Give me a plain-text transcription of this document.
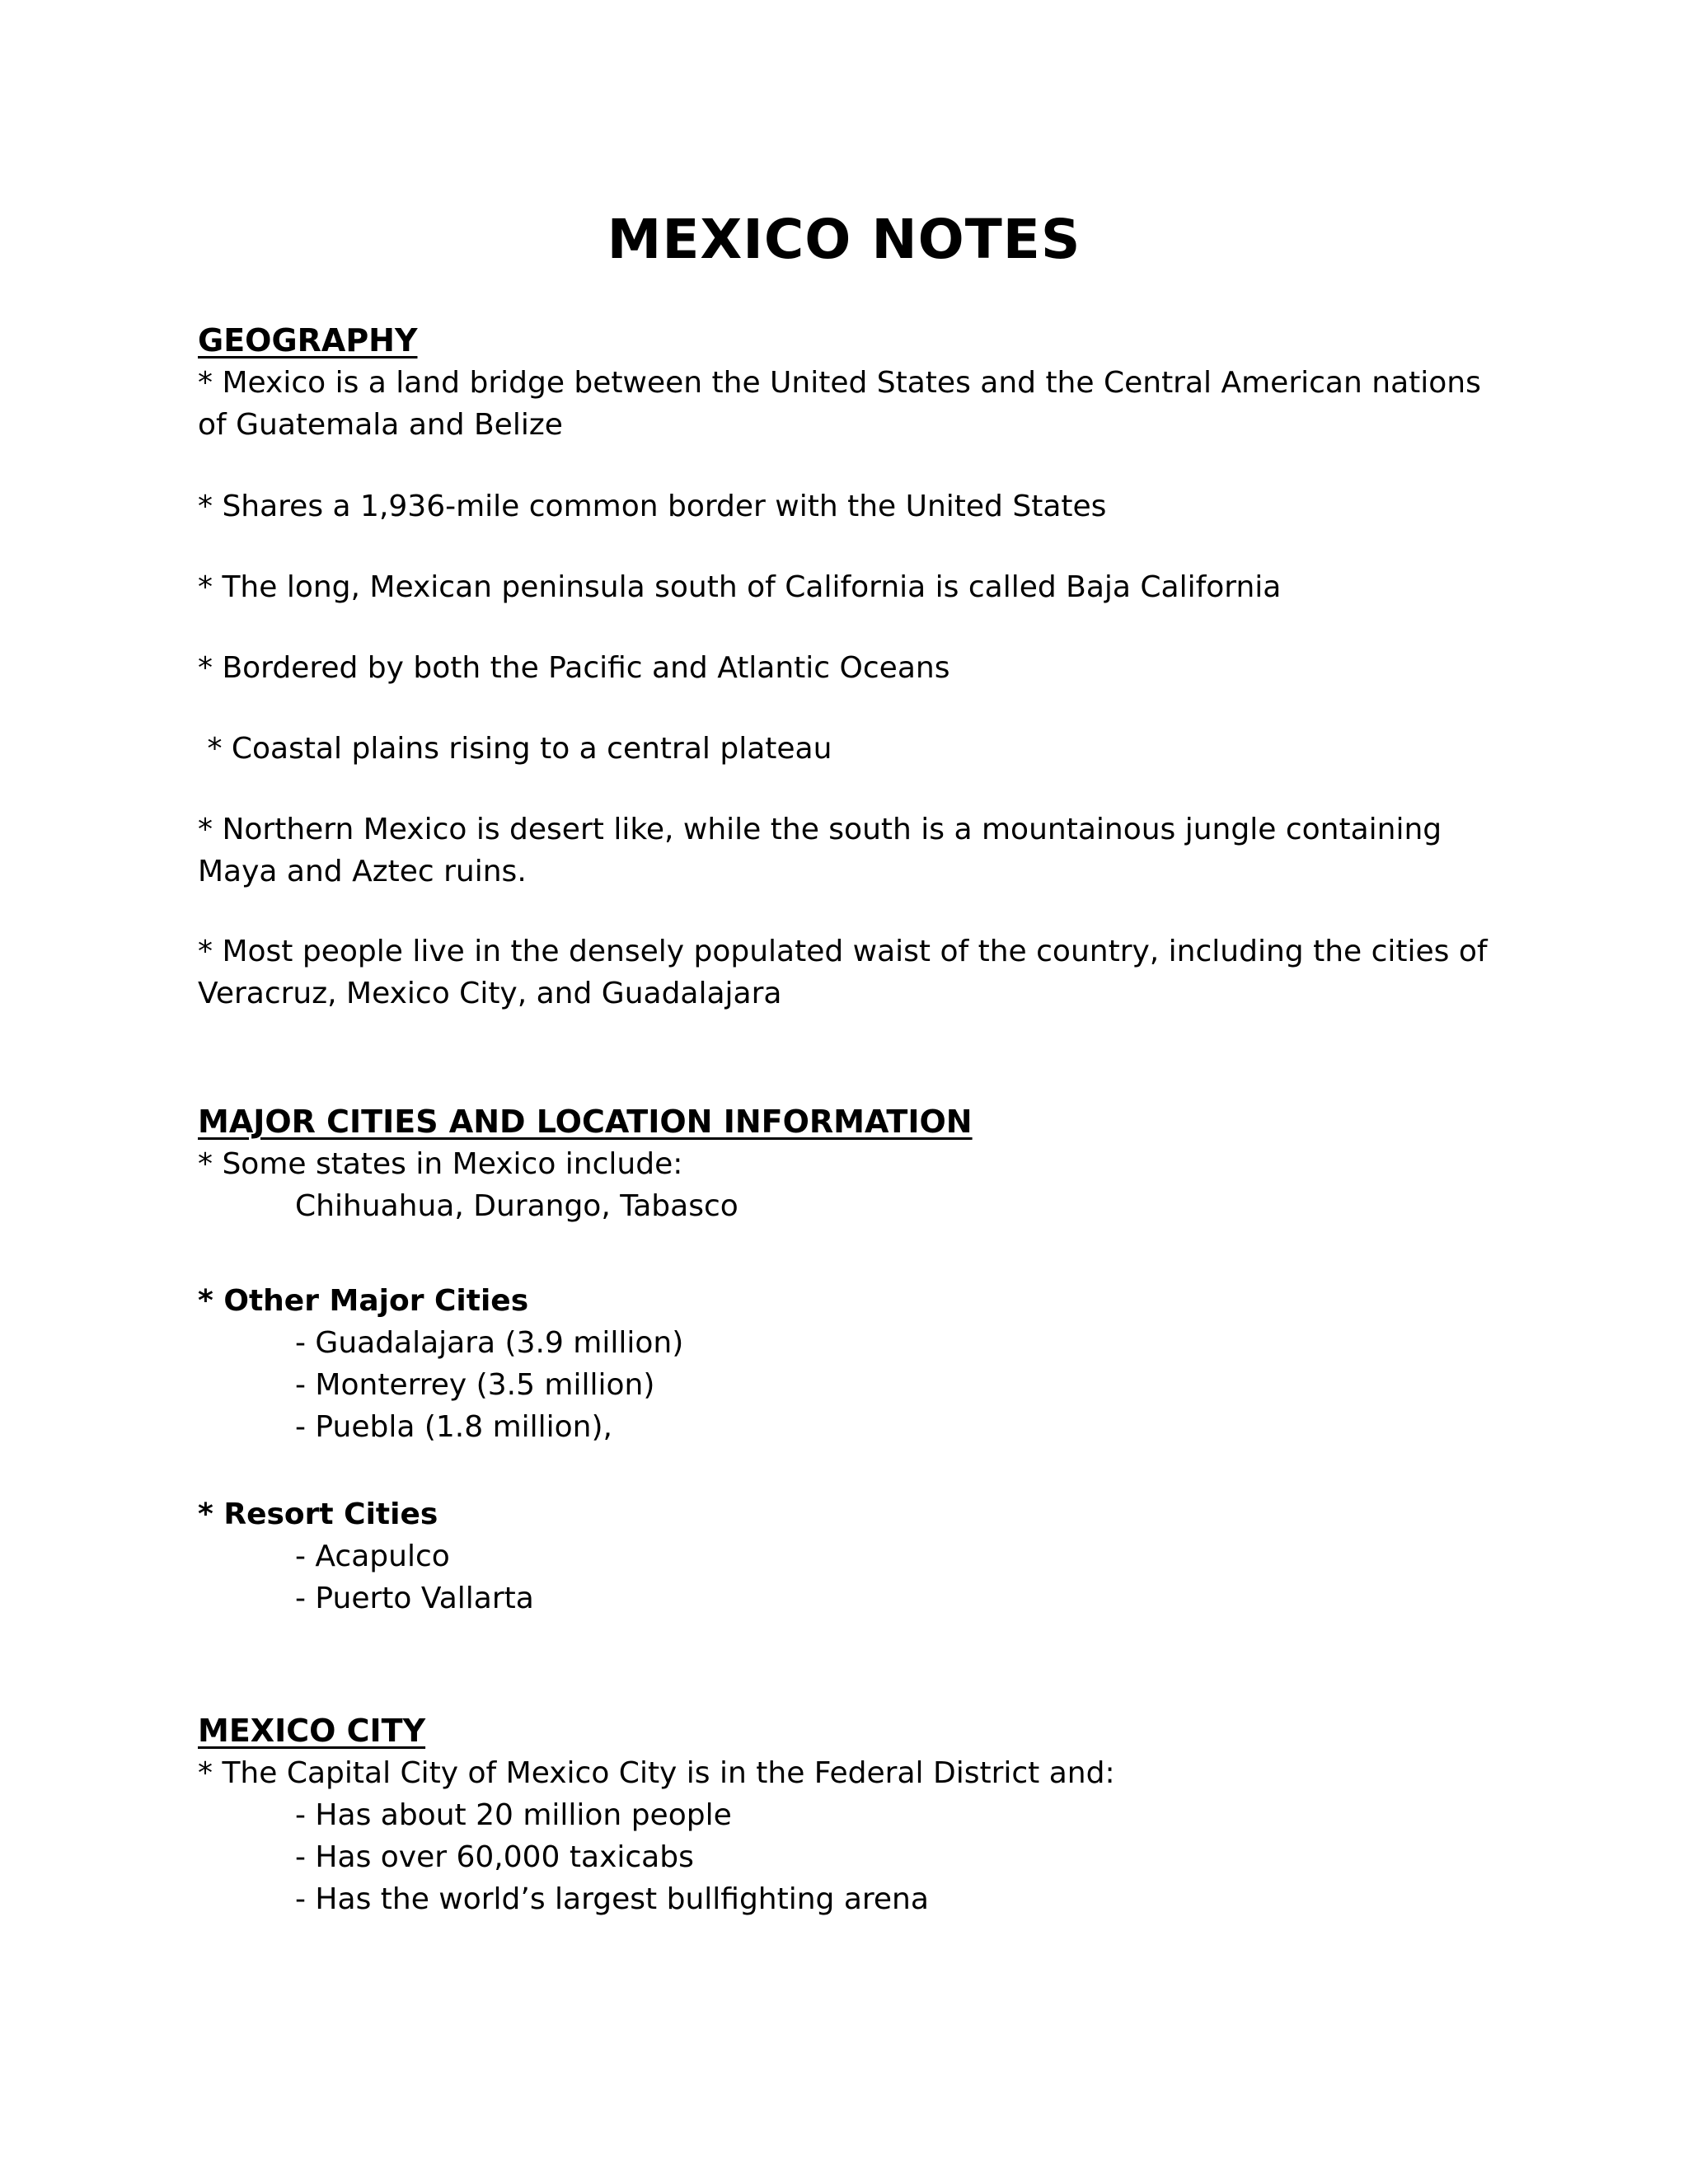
MEXICO NOTES
GEOGRAPHY

* Mexico is a land bridge between the United States and the Central American nations of Guatemala and Belize

* Shares a 1,936-mile common border with the United States

* The long, Mexican peninsula south of California is called Baja California

* Bordered by both the Pacific and Atlantic Oceans

* Coastal plains rising to a central plateau

* Northern Mexico is desert like, while the south is a mountainous jungle containing Maya and Aztec ruins.

* Most people live in the densely populated waist of the country, including the cities of Veracruz, Mexico City, and Guadalajara

MAJOR CITIES AND LOCATION INFORMATION

* Some states in Mexico include:

Chihuahua, Durango, Tabasco

* Other Major Cities

- Guadalajara (3.9 million)

- Monterrey (3.5 million)

- Puebla (1.8 million),

* Resort Cities

- Acapulco

- Puerto Vallarta

MEXICO CITY

* The Capital City of Mexico City is in the Federal District and:

- Has about 20 million people

- Has over 60,000 taxicabs

- Has the world’s largest bullfighting arena
